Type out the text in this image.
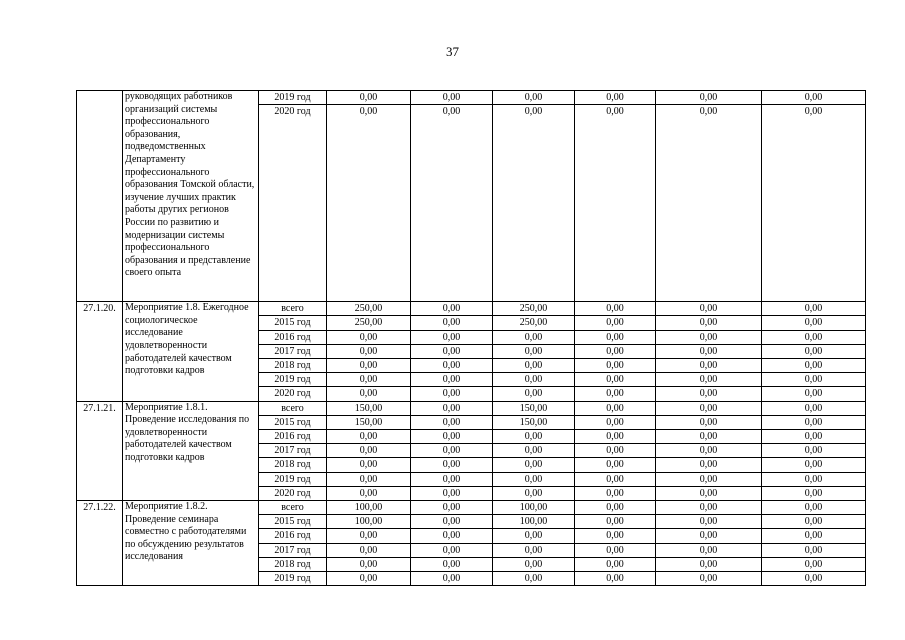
37
	руководящих работников организаций системы профессионального образования, подведомственных Департаменту профессионального образования Томской области, изучение лучших практик работы других регионов России по развитию и модернизации системы профессионального образования и представление своего опыта	2019 год	0,00	0,00	0,00	0,00	0,00	0,00
		2020 год	0,00	0,00	0,00	0,00	0,00	0,00
27.1.20.	Мероприятие 1.8. Ежегодное социологическое исследование удовлетворенности работодателей качеством подготовки кадров	всего	250,00	0,00	250,00	0,00	0,00	0,00
		2015 год	250,00	0,00	250,00	0,00	0,00	0,00
		2016 год	0,00	0,00	0,00	0,00	0,00	0,00
		2017 год	0,00	0,00	0,00	0,00	0,00	0,00
		2018 год	0,00	0,00	0,00	0,00	0,00	0,00
		2019 год	0,00	0,00	0,00	0,00	0,00	0,00
		2020 год	0,00	0,00	0,00	0,00	0,00	0,00
27.1.21.	Мероприятие 1.8.1. Проведение исследования по удовлетворенности работодателей качеством подготовки кадров	всего	150,00	0,00	150,00	0,00	0,00	0,00
		2015 год	150,00	0,00	150,00	0,00	0,00	0,00
		2016 год	0,00	0,00	0,00	0,00	0,00	0,00
		2017 год	0,00	0,00	0,00	0,00	0,00	0,00
		2018 год	0,00	0,00	0,00	0,00	0,00	0,00
		2019 год	0,00	0,00	0,00	0,00	0,00	0,00
		2020 год	0,00	0,00	0,00	0,00	0,00	0,00
27.1.22.	Мероприятие 1.8.2. Проведение семинара совместно с работодателями по обсуждению результатов исследования	всего	100,00	0,00	100,00	0,00	0,00	0,00
		2015 год	100,00	0,00	100,00	0,00	0,00	0,00
		2016 год	0,00	0,00	0,00	0,00	0,00	0,00
		2017 год	0,00	0,00	0,00	0,00	0,00	0,00
		2018 год	0,00	0,00	0,00	0,00	0,00	0,00
		2019 год	0,00	0,00	0,00	0,00	0,00	0,00
